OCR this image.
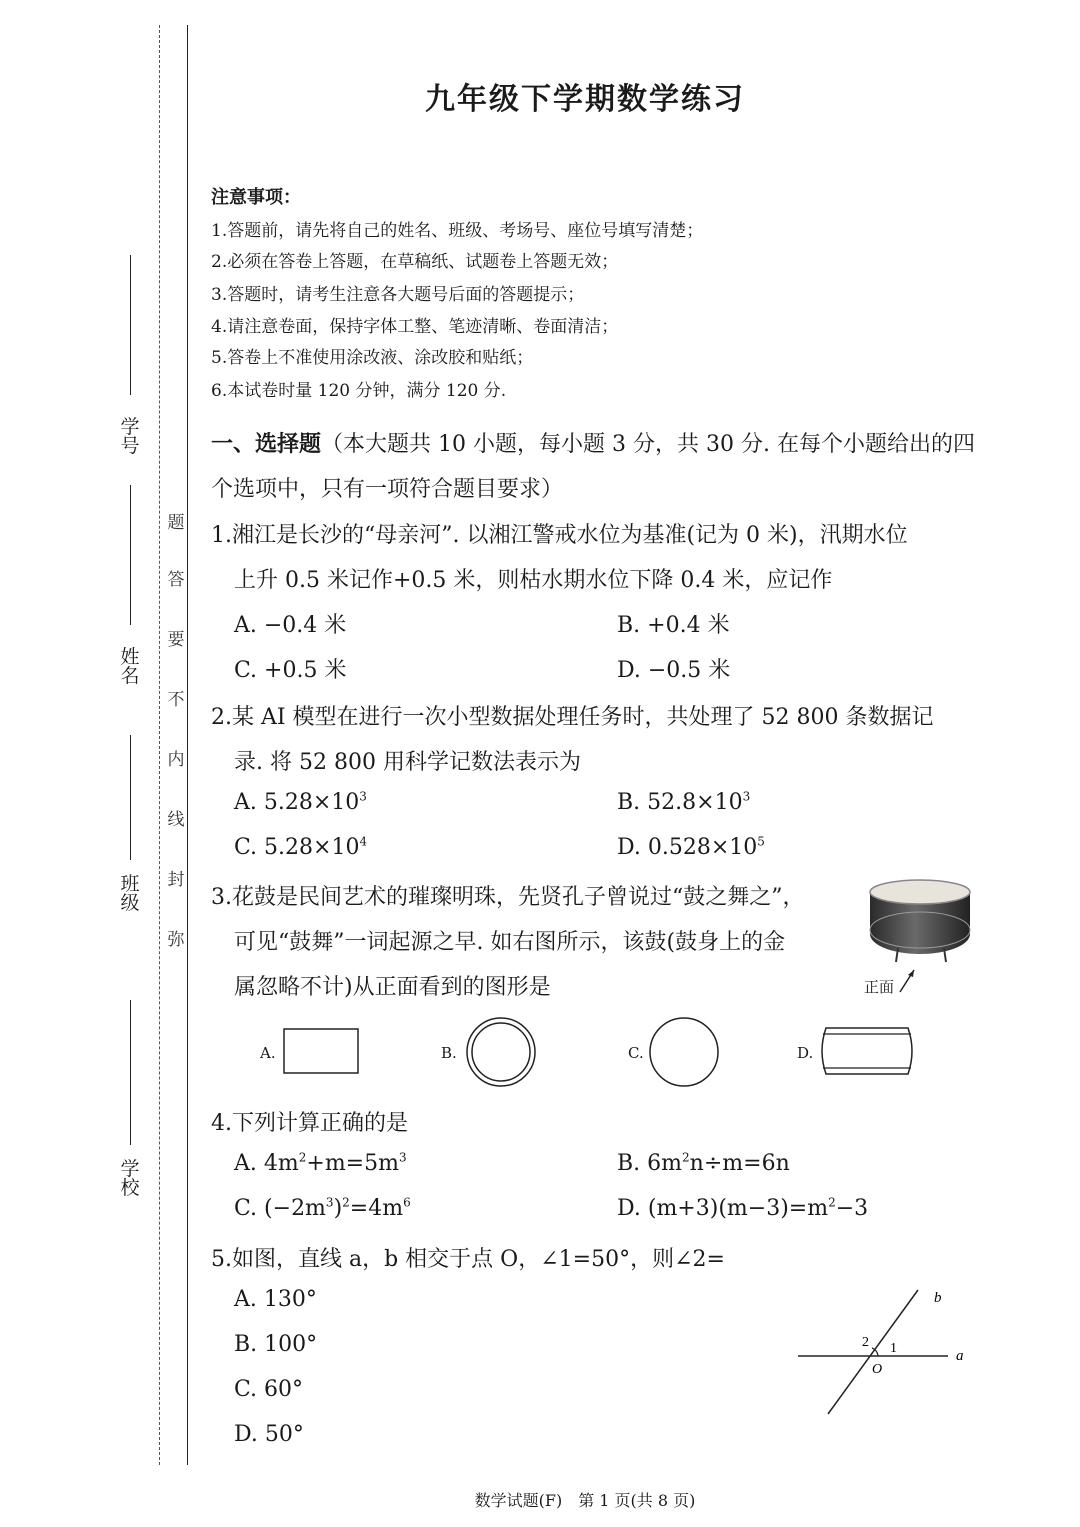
学 号
姓 名
班 级
学 校
题
答
要
不
内
线
封
弥
九年级下学期数学练习
注意事项：
1.答题前，请先将自己的姓名、班级、考场号、座位号填写清楚；
2.必须在答卷上答题，在草稿纸、试题卷上答题无效；
3.答题时，请考生注意各大题号后面的答题提示；
4.请注意卷面，保持字体工整、笔迹清晰、卷面清洁；
5.答卷上不准使用涂改液、涂改胶和贴纸；
6.本试卷时量 120 分钟，满分 120 分.
一、选择题（本大题共 10 小题，每小题 3 分，共 30 分. 在每个小题给出的四
个选项中，只有一项符合题目要求）
1.湘江是长沙的“母亲河”. 以湘江警戒水位为基准(记为 0 米)，汛期水位
上升 0.5 米记作+0.5 米，则枯水期水位下降 0.4 米，应记作
A. −0.4 米	B. +0.4 米
C. +0.5 米	D. −0.5 米
2.某 AI 模型在进行一次小型数据处理任务时，共处理了 52 800 条数据记
录. 将 52 800 用科学记数法表示为
A. $5.28\times 10^3$	B. $52.8\times 10^3$
C. $5.28\times 10^4$	D. $0.528\times 10^5$
3.花鼓是民间艺术的璀璨明珠，先贤孔子曾说过“鼓之舞之”，
可见“鼓舞”一词起源之早. 如右图所示，该鼓(鼓身上的金
属忽略不计)从正面看到的图形是	正面
A.	B.	C.	D.
4.下列计算正确的是
A. $4m^2+m=5m^3$	B. $6m^2n\div m=6n$
C. $(-2m^3)^2=4m^6$	D. $(m+3)(m-3)=m^2-3$
5.如图，直线 a，b 相交于点 O，∠1=50°，则∠2=
A. 130°
B. 100°
C. 60°
D. 50°
b
a
O
1
2
数学试题(F)　第 1 页(共 8 页)
